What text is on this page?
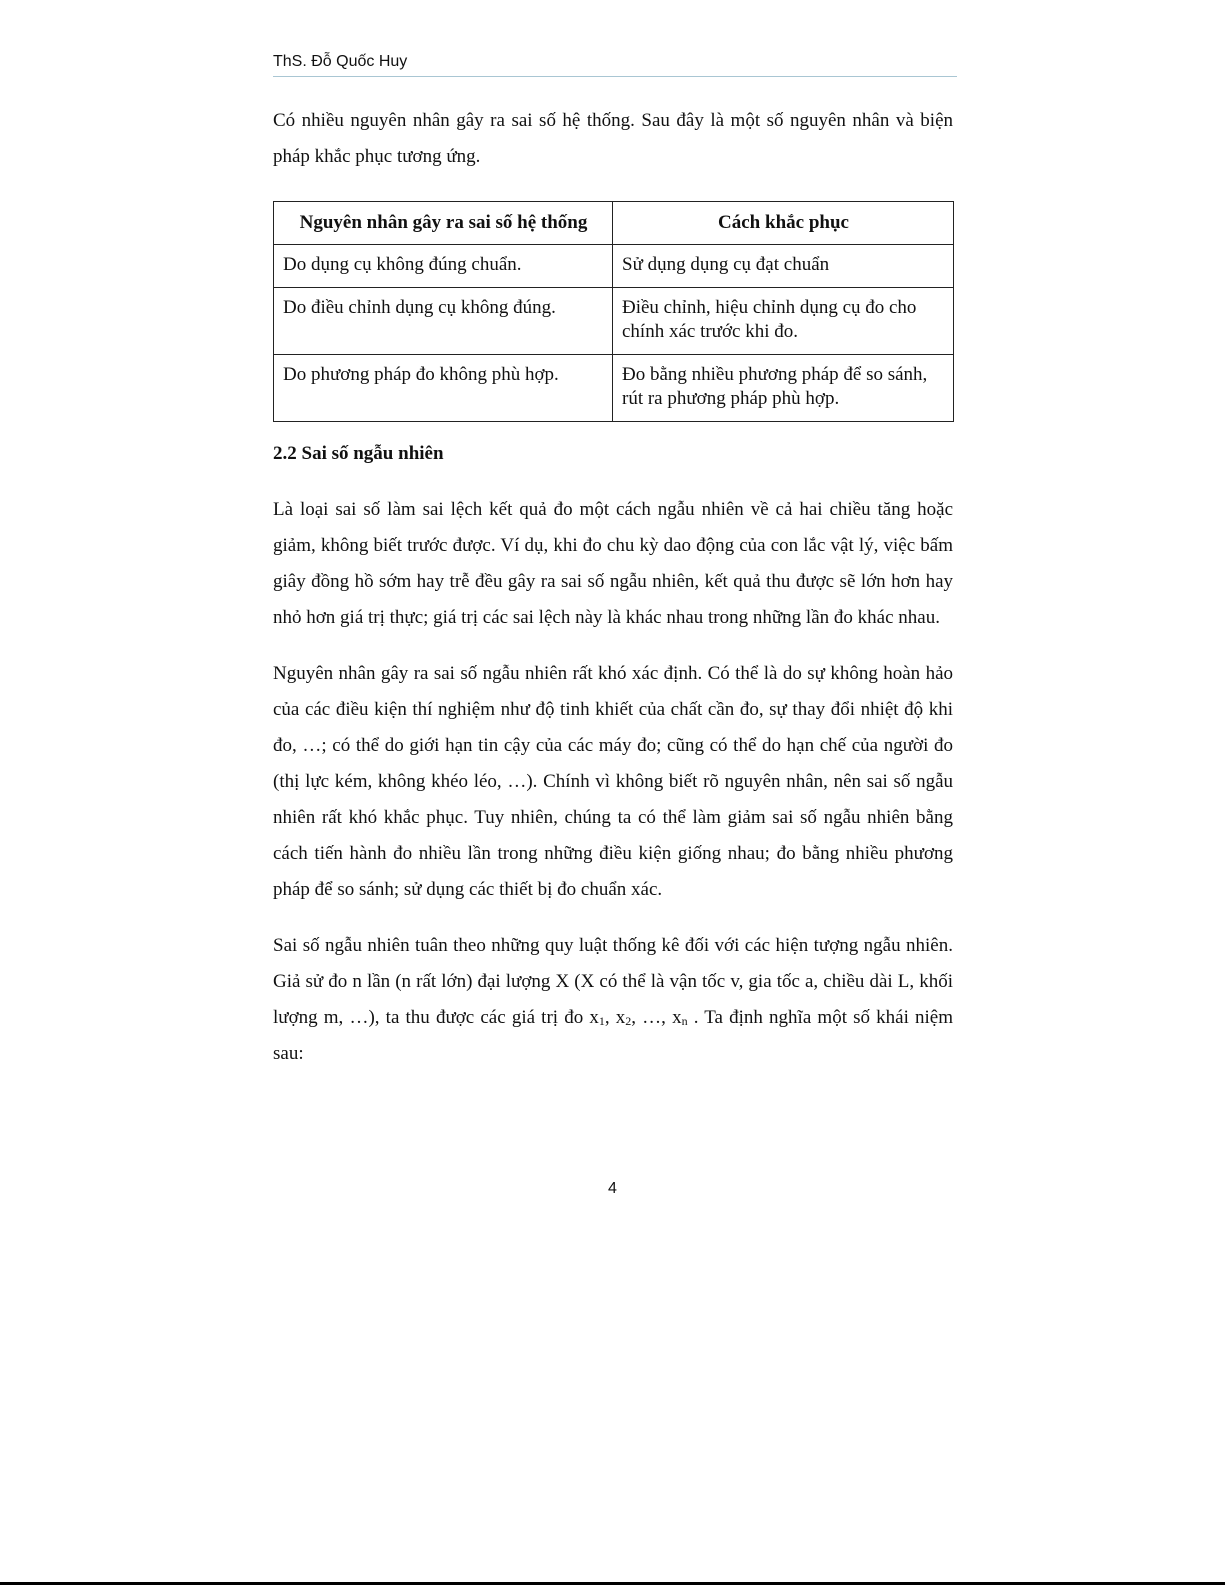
ThS. Đỗ Quốc Huy

Có nhiều nguyên nhân gây ra sai số hệ thống. Sau đây là một số nguyên nhân và biện pháp khắc phục tương ứng.

Nguyên nhân gây ra sai số hệ thống	Cách khắc phục
Do dụng cụ không đúng chuẩn.	Sử dụng dụng cụ đạt chuẩn
Do điều chỉnh dụng cụ không đúng.	Điều chỉnh, hiệu chỉnh dụng cụ đo cho chính xác trước khi đo.
Do phương pháp đo không phù hợp.	Đo bằng nhiều phương pháp để so sánh, rút ra phương pháp phù hợp.
2.2 Sai số ngẫu nhiên

Là loại sai số làm sai lệch kết quả đo một cách ngẫu nhiên về cả hai chiều tăng hoặc giảm, không biết trước được. Ví dụ, khi đo chu kỳ dao động của con lắc vật lý, việc bấm giây đồng hồ sớm hay trễ đều gây ra sai số ngẫu nhiên, kết quả thu được sẽ lớn hơn hay nhỏ hơn giá trị thực; giá trị các sai lệch này là khác nhau trong những lần đo khác nhau.

Nguyên nhân gây ra sai số ngẫu nhiên rất khó xác định. Có thể là do sự không hoàn hảo của các điều kiện thí nghiệm như độ tinh khiết của chất cần đo, sự thay đổi nhiệt độ khi đo, …; có thể do giới hạn tin cậy của các máy đo; cũng có thể do hạn chế của người đo (thị lực kém, không khéo léo, …). Chính vì không biết rõ nguyên nhân, nên sai số ngẫu nhiên rất khó khắc phục. Tuy nhiên, chúng ta có thể làm giảm sai số ngẫu nhiên bằng cách tiến hành đo nhiều lần trong những điều kiện giống nhau; đo bằng nhiều phương pháp để so sánh; sử dụng các thiết bị đo chuẩn xác.

Sai số ngẫu nhiên tuân theo những quy luật thống kê đối với các hiện tượng ngẫu nhiên. Giả sử đo n lần (n rất lớn) đại lượng X (X có thể là vận tốc v, gia tốc a, chiều dài L, khối lượng m, …), ta thu được các giá trị đo $x_1$, $x_2$, …, $x_n$ . Ta định nghĩa một số khái niệm sau:

4
